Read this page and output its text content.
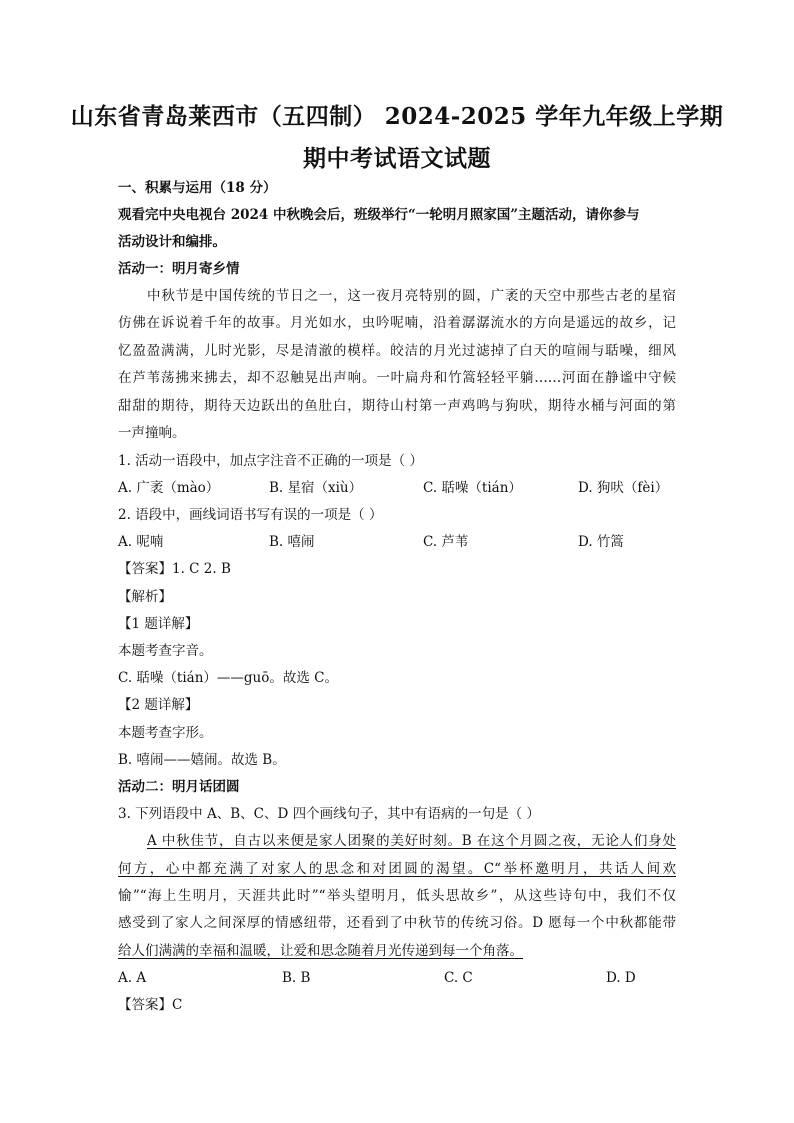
山东省青岛莱西市（五四制） 2024-2025 学年九年级上学期
期中考试语文试题
一、积累与运用（18 分）
观看完中央电视台 2024 中秋晚会后，班级举行“一轮明月照家国”主题活动，请你参与
活动设计和编排。
活动一：明月寄乡情
中秋节是中国传统的节日之一，这一夜月亮特别的圆，广袤的天空中那些古老的星宿
仿佛在诉说着千年的故事。月光如水，虫吟呢喃，沿着潺潺流水的方向是遥远的故乡，记
忆盈盈满满，儿时光影，尽是清澈的模样。皎洁的月光过滤掉了白天的喧闹与聒噪，细风
在芦苇荡拂来拂去，却不忍触晃出声响。一叶扁舟和竹篙轻轻平躺……河面在静谧中守候
甜甜的期待，期待天边跃出的鱼肚白，期待山村第一声鸡鸣与狗吠，期待水桶与河面的第
一声撞响。
1. 活动一语段中，加点字注音不正确的一项是（ ）
A. 广袤（mào）	B. 星宿（xiù）	C. 聒噪（tián）	D. 狗吠（fèi）
2. 语段中，画线词语书写有误的一项是（ ）
A. 呢喃	B. 嘻闹	C. 芦苇	D. 竹篙
【答案】1. C 2. B
【解析】
【1 题详解】
本题考查字音。
C. 聒噪（tián）——guō。故选 C。
【2 题详解】
本题考查字形。
B. 嘻闹——嬉闹。故选 B。
活动二：明月话团圆
3. 下列语段中 A、B、C、D 四个画线句子，其中有语病的一句是（ ）
A 中秋佳节，自古以来便是家人团聚的美好时刻。B 在这个月圆之夜，无论人们身处
何方，心中都充满了对家人的思念和对团圆的渴望。C“举杯邀明月，共话人间欢
愉”“海上生明月，天涯共此时”“举头望明月，低头思故乡”，从这些诗句中，我们不仅
感受到了家人之间深厚的情感纽带，还看到了中秋节的传统习俗。D 愿每一个中秋都能带
给人们满满的幸福和温暖，让爱和思念随着月光传递到每一个角落。
A. A	B. B	C. C	D. D
【答案】C
